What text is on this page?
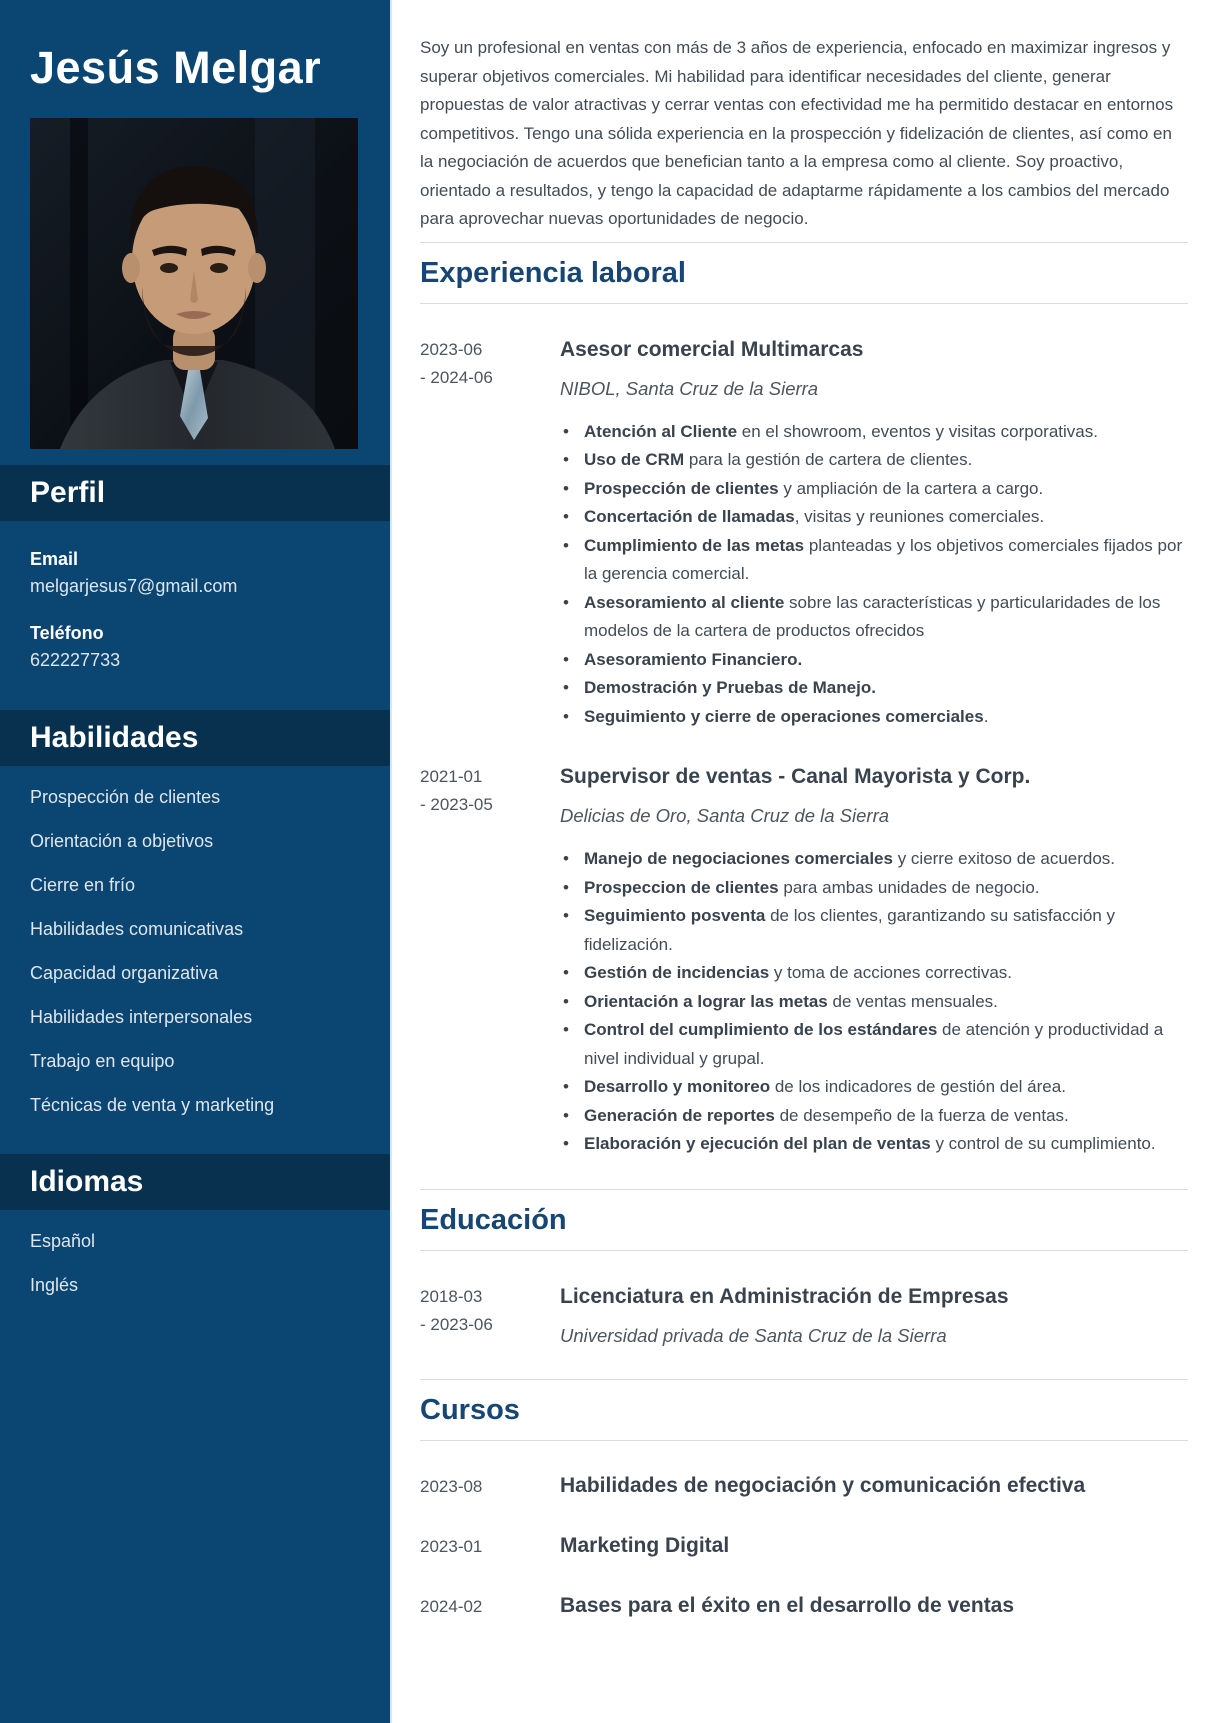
Jesús Melgar
Perfil
Email
melgarjesus7@gmail.com
Teléfono
622227733
Habilidades
Prospección de clientes
Orientación a objetivos
Cierre en frío
Habilidades comunicativas
Capacidad organizativa
Habilidades interpersonales
Trabajo en equipo
Técnicas de venta y marketing
Idiomas
Español
Inglés

Soy un profesional en ventas con más de 3 años de experiencia, enfocado en maximizar ingresos y superar objetivos comerciales. Mi habilidad para identificar necesidades del cliente, generar propuestas de valor atractivas y cerrar ventas con efectividad me ha permitido destacar en entornos competitivos. Tengo una sólida experiencia en la prospección y fidelización de clientes, así como en la negociación de acuerdos que benefician tanto a la empresa como al cliente. Soy proactivo, orientado a resultados, y tengo la capacidad de adaptarme rápidamente a los cambios del mercado para aprovechar nuevas oportunidades de negocio.

Experiencia laboral
2023-06
- 2024-06
Asesor comercial Multimarcas

NIBOL, Santa Cruz de la Sierra

• Atención al Cliente en el showroom, eventos y visitas corporativas.
• Uso de CRM para la gestión de cartera de clientes.
• Prospección de clientes y ampliación de la cartera a cargo.
• Concertación de llamadas, visitas y reuniones comerciales.
• Cumplimiento de las metas planteadas y los objetivos comerciales fijados por la gerencia comercial.
• Asesoramiento al cliente sobre las características y particularidades de los modelos de la cartera de productos ofrecidos
• Asesoramiento Financiero.
• Demostración y Pruebas de Manejo.
• Seguimiento y cierre de operaciones comerciales.
2021-01
- 2023-05
Supervisor de ventas - Canal Mayorista y Corp.

Delicias de Oro, Santa Cruz de la Sierra

• Manejo de negociaciones comerciales y cierre exitoso de acuerdos.
• Prospeccion de clientes para ambas unidades de negocio.
• Seguimiento posventa de los clientes, garantizando su satisfacción y fidelización.
• Gestión de incidencias y toma de acciones correctivas.
• Orientación a lograr las metas de ventas mensuales.
• Control del cumplimiento de los estándares de atención y productividad a nivel individual y grupal.
• Desarrollo y monitoreo de los indicadores de gestión del área.
• Generación de reportes de desempeño de la fuerza de ventas.
• Elaboración y ejecución del plan de ventas y control de su cumplimiento.
Educación
2018-03
- 2023-06
Licenciatura en Administración de Empresas

Universidad privada de Santa Cruz de la Sierra

Cursos
2023-08	Habilidades de negociación y comunicación efectiva
2023-01	Marketing Digital
2024-02	Bases para el éxito en el desarrollo de ventas
